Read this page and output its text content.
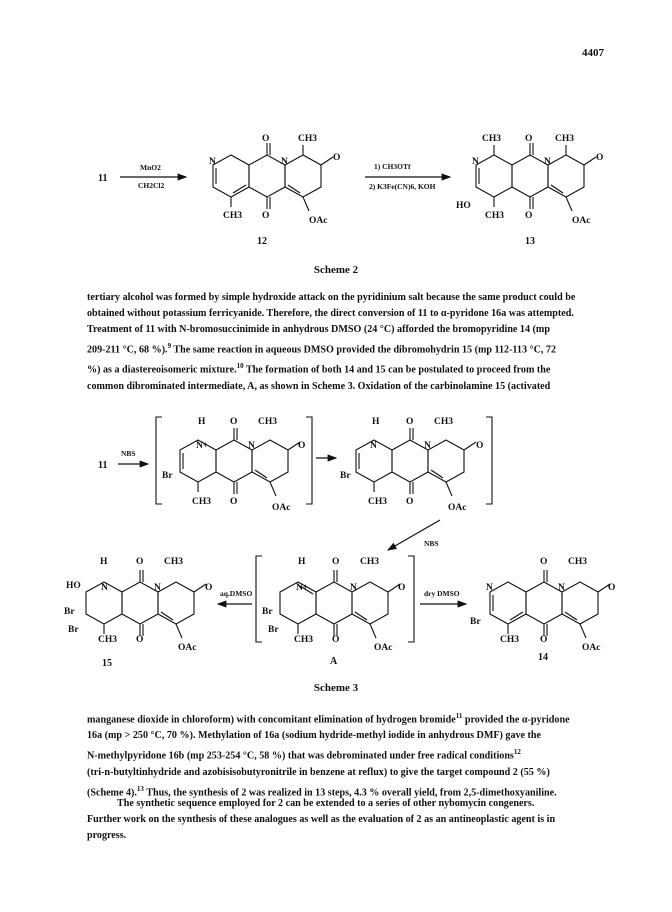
4407
11
MnO2
CH2Cl2
O	CH3
N	N	O
CH3 O	OAc
12
1) CH3OTf
2) K3Fe(CN)6, KOH
CH3	O CH3
N	N	O
HO
CH3 O	OAc
13
Scheme 2
tertiary alcohol was formed by simple hydroxide attack on the pyridinium salt because the same product could be
obtained without potassium ferricyanide. Therefore, the direct conversion of 11 to α-pyridone 16a was attempted.
Treatment of 11 with N-bromosuccinimide in anhydrous DMSO (24 °C) afforded the bromopyridine 14 (mp
209-211 °C, 68 %).$^9$ The same reaction in aqueous DMSO provided the dibromohydrin 15 (mp 112-113 °C, 72
%) as a diastereoisomeric mixture.$^{10}$ The formation of both 14 and 15 can be postulated to proceed from the
common dibrominated intermediate, A, as shown in Scheme 3. Oxidation of the carbinolamine 15 (activated
11
NBS
H	O CH3
N+	N	O
Br
CH3 O
OAc
H	O CH3
N	N	O
Br
CH3 O
OAc
NBS
H	O CH3
HO N	N	O
Br
Br
CH3 O
OAc
15
aq.DMSO
H	O CH3
N+	N	O
Br
Br
CH3 O
OAc
A
dry DMSO
O CH3
N	N	O
Br
CH3 O
OAc
14
Scheme 3
manganese dioxide in chloroform) with concomitant elimination of hydrogen bromide$^{11}$ provided the α-pyridone
16a (mp > 250 °C, 70 %). Methylation of 16a (sodium hydride-methyl iodide in anhydrous DMF) gave the
N-methylpyridone 16b (mp 253-254 °C, 58 %) that was debrominated under free radical conditions$^{12}$
(tri-n-butyltinhydride and azobisisobutyronitrile in benzene at reflux) to give the target compound 2 (55 %)
(Scheme 4).$^{13}$ Thus, the synthesis of 2 was realized in 13 steps, 4.3 % overall yield, from 2,5-dimethoxyaniline.
The synthetic sequence employed for 2 can be extended to a series of other nybomycin congeners.
Further work on the synthesis of these analogues as well as the evaluation of 2 as an antineoplastic agent is in
progress.
